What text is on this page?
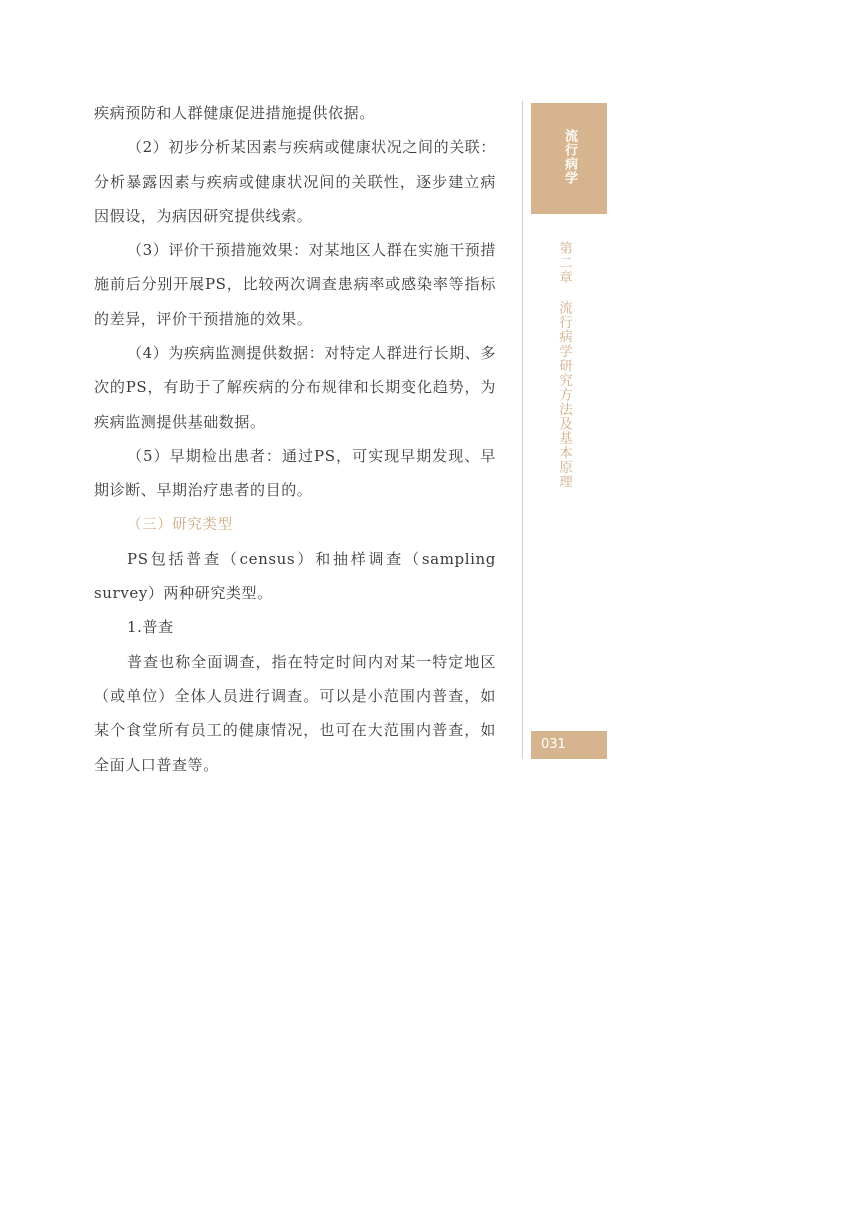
疾病预防和人群健康促进措施提供依据。

（2）初步分析某因素与疾病或健康状况之间的关联：分析暴露因素与疾病或健康状况间的关联性，逐步建立病因假设，为病因研究提供线索。

（3）评价干预措施效果：对某地区人群在实施干预措施前后分别开展PS，比较两次调查患病率或感染率等指标的差异，评价干预措施的效果。

（4）为疾病监测提供数据：对特定人群进行长期、多次的PS，有助于了解疾病的分布规律和长期变化趋势，为疾病监测提供基础数据。

（5）早期检出患者：通过PS，可实现早期发现、早期诊断、早期治疗患者的目的。

（三）研究类型

PS包括普查（census）和抽样调查（sampling survey）两种研究类型。

1.普查

普查也称全面调查，指在特定时间内对某一特定地区（或单位）全体人员进行调查。可以是小范围内普查，如某个食堂所有员工的健康情况，也可在大范围内普查，如全面人口普查等。

流行病学
第二章流行病学研究方法及基本原理
031
